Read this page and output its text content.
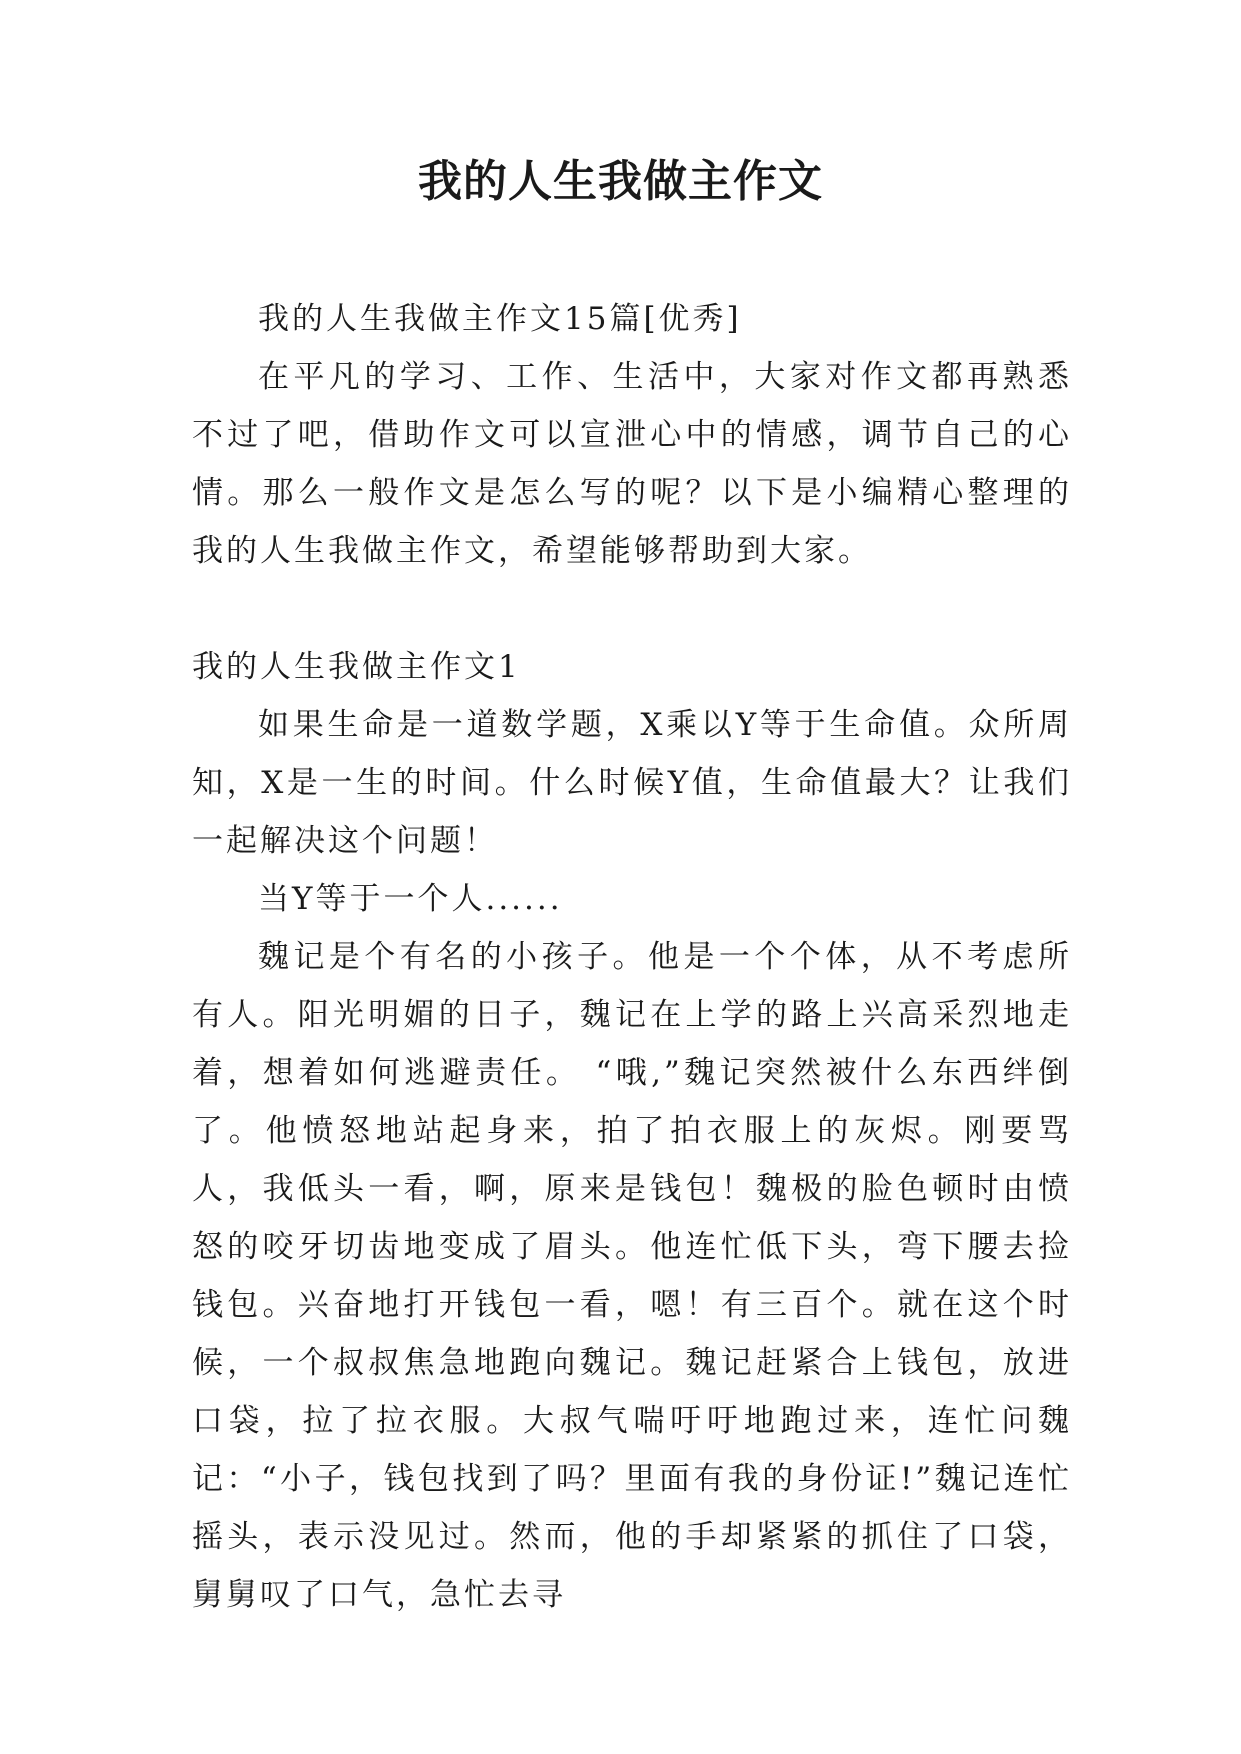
我的人生我做主作文

我的人生我做主作文15篇[优秀]

在平凡的学习、工作、生活中，大家对作文都再熟悉不过了吧，借助作文可以宣泄心中的情感，调节自己的心情。那么一般作文是怎么写的呢？以下是小编精心整理的我的人生我做主作文，希望能够帮助到大家。

我的人生我做主作文1

如果生命是一道数学题，X乘以Y等于生命值。众所周知，X是一生的时间。什么时候Y值，生命值最大？让我们一起解决这个问题！

当Y等于一个人......

魏记是个有名的小孩子。他是一个个体，从不考虑所有人。阳光明媚的日子，魏记在上学的路上兴高采烈地走着，想着如何逃避责任。 “哦,”魏记突然被什么东西绊倒了。他愤怒地站起身来，拍了拍衣服上的灰烬。刚要骂人，我低头一看，啊，原来是钱包！魏极的脸色顿时由愤怒的咬牙切齿地变成了眉头。他连忙低下头，弯下腰去捡钱包。兴奋地打开钱包一看，嗯！有三百个。就在这个时候，一个叔叔焦急地跑向魏记。魏记赶紧合上钱包，放进口袋，拉了拉衣服。大叔气喘吁吁地跑过来，连忙问魏记：“小子，钱包找到了吗？里面有我的身份证!”魏记连忙摇头，表示没见过。然而，他的手却紧紧的抓住了口袋，舅舅叹了口气，急忙去寻
